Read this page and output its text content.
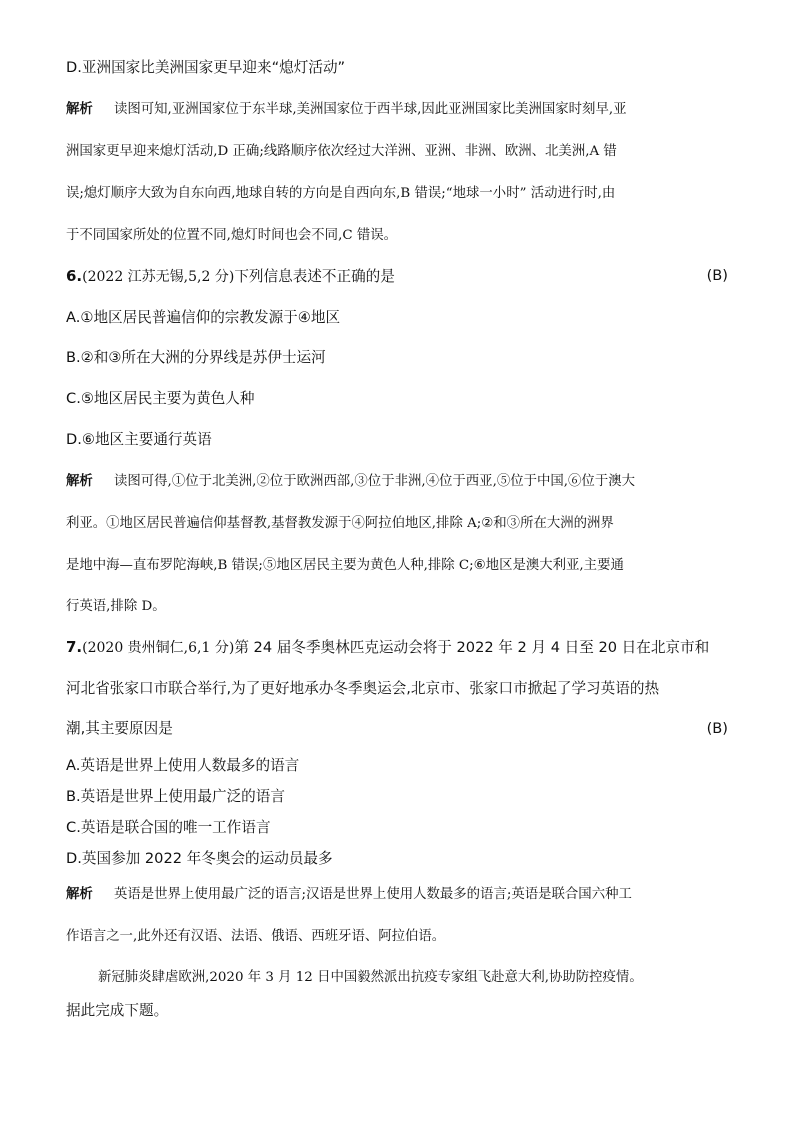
D.亚洲国家比美洲国家更早迎来“熄灯活动”
解析 读图可知,亚洲国家位于东半球,美洲国家位于西半球,因此亚洲国家比美洲国家时刻早,亚
洲国家更早迎来熄灯活动,D 正确;线路顺序依次经过大洋洲、亚洲、非洲、欧洲、北美洲,A 错
误;熄灯顺序大致为自东向西,地球自转的方向是自西向东,B 错误;“地球一小时” 活动进行时,由
于不同国家所处的位置不同,熄灯时间也会不同,C 错误。
6.(2022 江苏无锡,5,2 分)下列信息表述不正确的是	(B)
A.①地区居民普遍信仰的宗教发源于④地区
B.②和③所在大洲的分界线是苏伊士运河
C.⑤地区居民主要为黄色人种
D.⑥地区主要通行英语
解析 读图可得,①位于北美洲,②位于欧洲西部,③位于非洲,④位于西亚,⑤位于中国,⑥位于澳大
利亚。①地区居民普遍信仰基督教,基督教发源于④阿拉伯地区,排除 A;②和③所在大洲的洲界
是地中海—直布罗陀海峡,B 错误;⑤地区居民主要为黄色人种,排除 C;⑥地区是澳大利亚,主要通
行英语,排除 D。
7.(2020 贵州铜仁,6,1 分)第 24 届冬季奥林匹克运动会将于 2022 年 2 月 4 日至 20 日在北京市和
河北省张家口市联合举行,为了更好地承办冬季奥运会,北京市、张家口市掀起了学习英语的热
潮,其主要原因是	(B)
A.英语是世界上使用人数最多的语言
B.英语是世界上使用最广泛的语言
C.英语是联合国的唯一工作语言
D.英国参加 2022 年冬奥会的运动员最多
解析 英语是世界上使用最广泛的语言;汉语是世界上使用人数最多的语言;英语是联合国六种工
作语言之一,此外还有汉语、法语、俄语、西班牙语、阿拉伯语。
新冠肺炎肆虐欧洲,2020 年 3 月 12 日中国毅然派出抗疫专家组飞赴意大利,协助防控疫情。
据此完成下题。
